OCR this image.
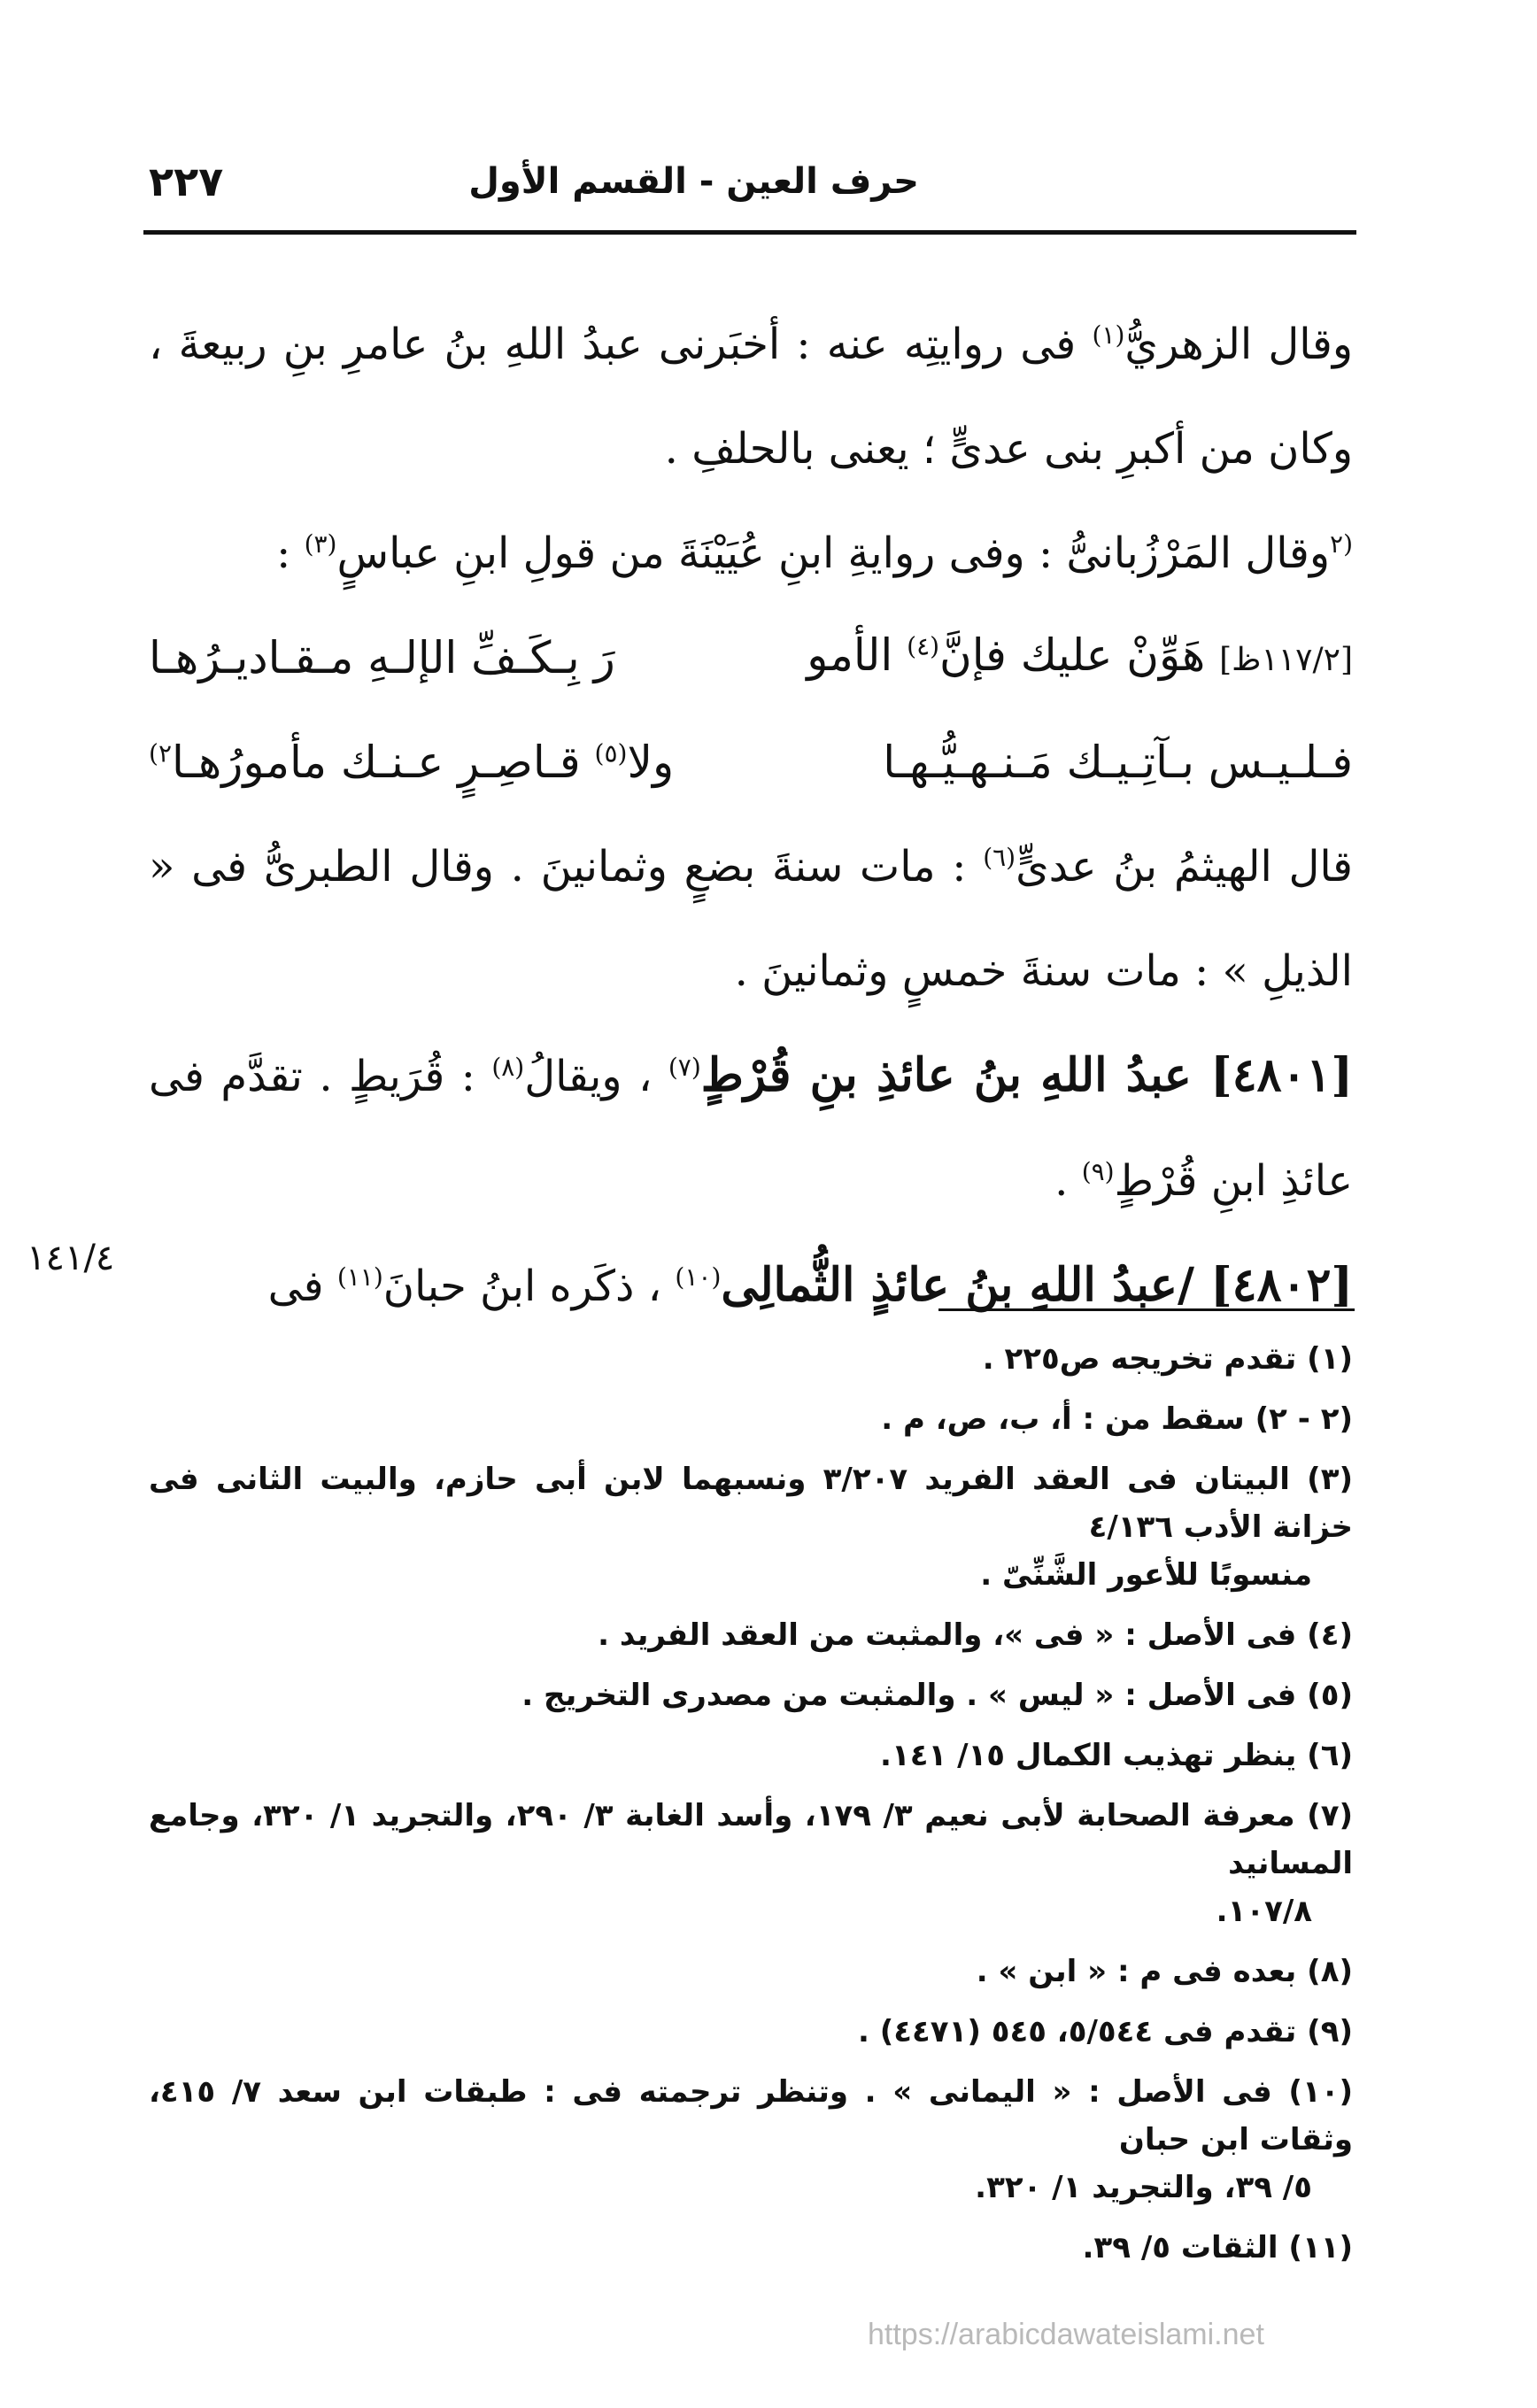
حرف العين - القسم الأول
٢٢٧

وقال الزهريُّ$^{(١)}$ فى روايتِه عنه : أخبَرنى عبدُ اللهِ بنُ عامرِ بنِ ربيعةَ ، وكان من أكبرِ بنى عدىٍّ ؛ يعنى بالحلفِ .

$^{(٢}$وقال المَرْزُبانىُّ : وفى روايةِ ابنِ عُيَيْنَةَ من قولِ ابنِ عباسٍ$^{(٣)}$ :

[١١٧/٢ظ] هَوِّنْ عليك فإنَّ$^{(٤)}$ الأمو
رَ بِـكَـفِّ الإلـهِ مـقـاديـرُهـا
فـلـيـس بـآتِـيـك مَـنـهـيُّـهـا
ولا$^{(٥)}$ قـاصِـرٍ عـنـك مأمورُهـا$^{٢)}$

قال الهيثمُ بنُ عدىٍّ$^{(٦)}$ : مات سنةَ بضعٍ وثمانينَ . وقال الطبرىُّ فى « الذيلِ » : مات سنةَ خمسٍ وثمانينَ .

[٤٨٠١] عبدُ اللهِ بنُ عائذِ بنِ قُرْطٍ$^{(٧)}$ ، ويقالُ$^{(٨)}$ : قُرَيطٍ . تقدَّم فى عائذِ ابنِ قُرْطٍ$^{(٩)}$ .

[٤٨٠٢] /عبدُ اللهِ بنُ عائذٍ الثُّمالِى$^{(١٠)}$ ، ذكَره ابنُ حبانَ$^{(١١)}$ فى

١٤١/٤
(١) تقدم تخريجه ص٢٢٥ .
(٢ - ٢) سقط من : أ، ب، ص، م .
(٣) البيتان فى العقد الفريد ٣/٢٠٧ ونسبهما لابن أبى حازم، والبيت الثانى فى خزانة الأدب ٤/١٣٦
منسوبًا للأعور الشَّنِّىّ .
(٤) فى الأصل : « فى »، والمثبت من العقد الفريد .
(٥) فى الأصل : « ليس » . والمثبت من مصدرى التخريج .
(٦) ينظر تهذيب الكمال ١٥/ ١٤١.
(٧) معرفة الصحابة لأبى نعيم ٣/ ١٧٩، وأسد الغابة ٣/ ٢٩٠، والتجريد ١/ ٣٢٠، وجامع المسانيد
١٠٧/٨.
(٨) بعده فى م : « ابن » .
(٩) تقدم فى ٥/٥٤٤، ٥٤٥ (٤٤٧١) .
(١٠) فى الأصل : « اليمانى » . وتنظر ترجمته فى : طبقات ابن سعد ٧/ ٤١٥، وثقات ابن حبان
٥/ ٣٩، والتجريد ١/ ٣٢٠.
(١١) الثقات ٥/ ٣٩.
https://arabicdawateislami.net
